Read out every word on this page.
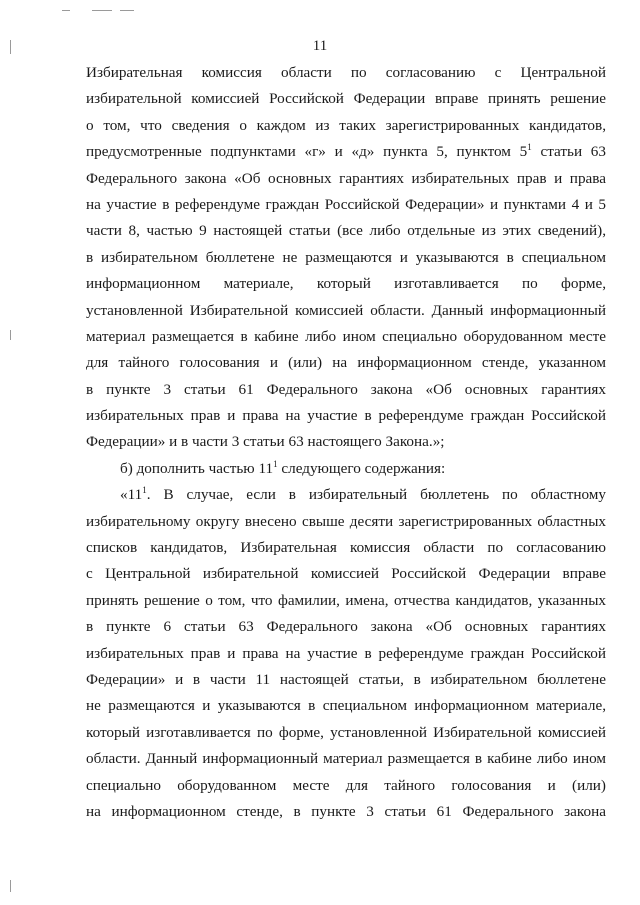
11
Избирательная комиссия области по согласованию с Центральной
избирательной комиссией Российской Федерации вправе принять решение
о том, что сведения о каждом из таких зарегистрированных кандидатов,
предусмотренные подпунктами «г» и «д» пункта 5, пунктом $5^1$ статьи 63
Федерального закона «Об основных гарантиях избирательных прав и права
на участие в референдуме граждан Российской Федерации» и пунктами 4 и 5
части 8, частью 9 настоящей статьи (все либо отдельные из этих сведений),
в избирательном бюллетене не размещаются и указываются в специальном
информационном материале, который изготавливается по форме,
установленной Избирательной комиссией области. Данный информационный
материал размещается в кабине либо ином специально оборудованном месте
для тайного голосования и (или) на информационном стенде, указанном
в пункте 3 статьи 61 Федерального закона «Об основных гарантиях
избирательных прав и права на участие в референдуме граждан Российской
Федерации» и в части 3 статьи 63 настоящего Закона.»;
б) дополнить частью $11^1$ следующего содержания:
«$11^1$. В случае, если в избирательный бюллетень по областному
избирательному округу внесено свыше десяти зарегистрированных областных
списков кандидатов, Избирательная комиссия области по согласованию
с Центральной избирательной комиссией Российской Федерации вправе
принять решение о том, что фамилии, имена, отчества кандидатов, указанных
в пункте 6 статьи 63 Федерального закона «Об основных гарантиях
избирательных прав и права на участие в референдуме граждан Российской
Федерации» и в части 11 настоящей статьи, в избирательном бюллетене
не размещаются и указываются в специальном информационном материале,
который изготавливается по форме, установленной Избирательной комиссией
области. Данный информационный материал размещается в кабине либо ином
специально оборудованном месте для тайного голосования и (или)
на информационном стенде, в пункте 3 статьи 61 Федерального закона
